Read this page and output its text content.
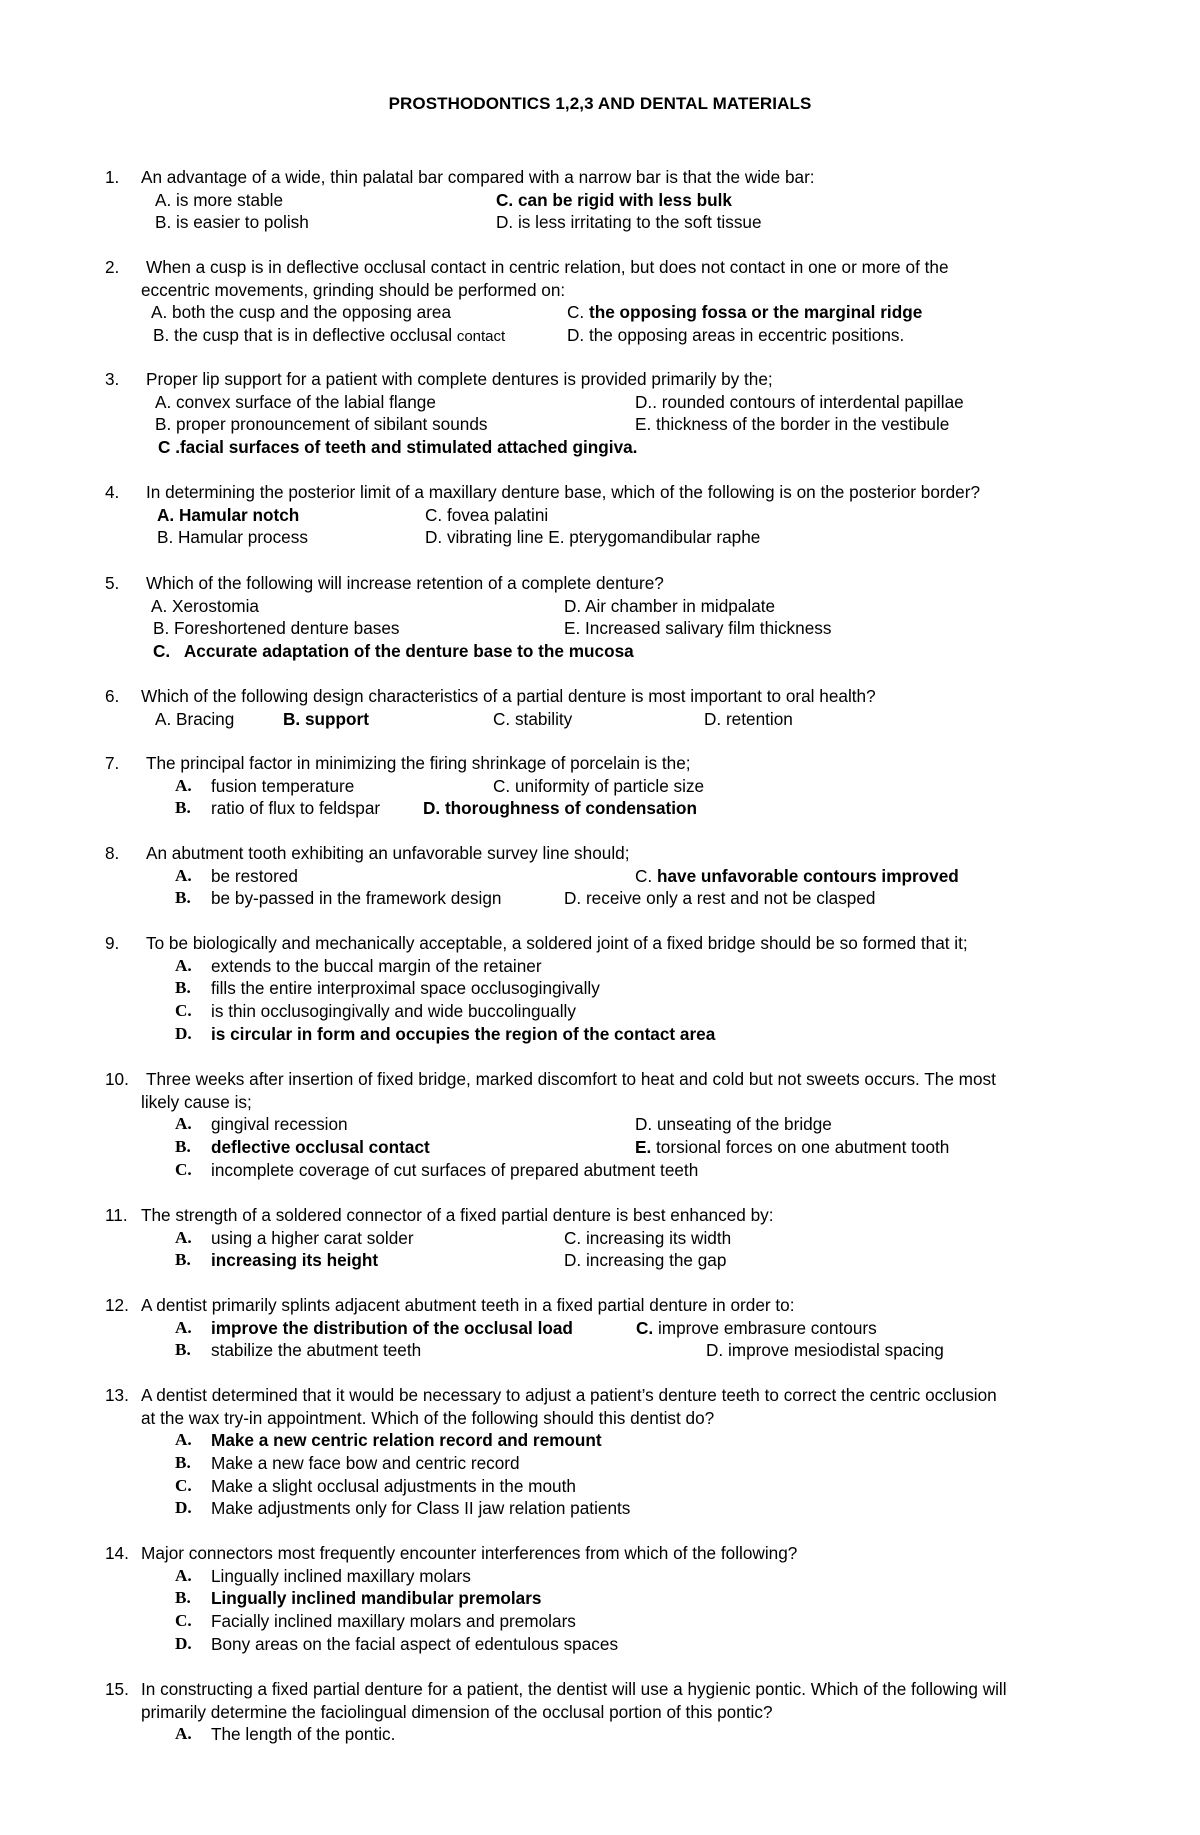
PROSTHODONTICS 1,2,3 AND DENTAL MATERIALS
1. An advantage of a wide, thin palatal bar compared with a narrow bar is that the wide bar:
A. is more stable	C. can be rigid with less bulk
B. is easier to polish	D. is less irritating to the soft tissue
2. When a cusp is in deflective occlusal contact in centric relation, but does not contact in one or more of the
eccentric movements, grinding should be performed on:
A. both the cusp and the opposing area	C. the opposing fossa or the marginal ridge
B. the cusp that is in deflective occlusal contact	D. the opposing areas in eccentric positions.
3. Proper lip support for a patient with complete dentures is provided primarily by the;
A. convex surface of the labial flange	D.. rounded contours of interdental papillae
B. proper pronouncement of sibilant sounds	E. thickness of the border in the vestibule
C .facial surfaces of teeth and stimulated attached gingiva.
4. In determining the posterior limit of a maxillary denture base, which of the following is on the posterior border?
A. Hamular notch	C. fovea palatini
B. Hamular process	D. vibrating line E. pterygomandibular raphe
5. Which of the following will increase retention of a complete denture?
A. Xerostomia	D. Air chamber in midpalate
B. Foreshortened denture bases	E. Increased salivary film thickness
C.   Accurate adaptation of the denture base to the mucosa
6. Which of the following design characteristics of a partial denture is most important to oral health?
A. Bracing	B. support	C. stability	D. retention
7. The principal factor in minimizing the firing shrinkage of porcelain is the;
A. fusion temperature	C. uniformity of particle size
B. ratio of flux to feldspar D. thoroughness of condensation
8. An abutment tooth exhibiting an unfavorable survey line should;
A. be restored	C. have unfavorable contours improved
B. be by-passed in the framework design	D. receive only a rest and not be clasped
9. To be biologically and mechanically acceptable, a soldered joint of a fixed bridge should be so formed that it;
A. extends to the buccal margin of the retainer
B. fills the entire interproximal space occlusogingivally
C. is thin occlusogingivally and wide buccolingually
D. is circular in form and occupies the region of the contact area
10. Three weeks after insertion of fixed bridge, marked discomfort to heat and cold but not sweets occurs. The most
likely cause is;
A. gingival recession	D. unseating of the bridge
B. deflective occlusal contact	E. torsional forces on one abutment tooth
C. incomplete coverage of cut surfaces of prepared abutment teeth
11. The strength of a soldered connector of a fixed partial denture is best enhanced by:
A. using a higher carat solder	C. increasing its width
B. increasing its height	D. increasing the gap
12. A dentist primarily splints adjacent abutment teeth in a fixed partial denture in order to:
A. improve the distribution of the occlusal load	C. improve embrasure contours
B. stabilize the abutment teeth	D. improve mesiodistal spacing
13. A dentist determined that it would be necessary to adjust a patient’s denture teeth to correct the centric occlusion
at the wax try-in appointment. Which of the following should this dentist do?
A. Make a new centric relation record and remount
B. Make a new face bow and centric record
C. Make a slight occlusal adjustments in the mouth
D. Make adjustments only for Class II jaw relation patients
14. Major connectors most frequently encounter interferences from which of the following?
A. Lingually inclined maxillary molars
B. Lingually inclined mandibular premolars
C. Facially inclined maxillary molars and premolars
D. Bony areas on the facial aspect of edentulous spaces
15. In constructing a fixed partial denture for a patient, the dentist will use a hygienic pontic. Which of the following will
primarily determine the faciolingual dimension of the occlusal portion of this pontic?
A. The length of the pontic.
